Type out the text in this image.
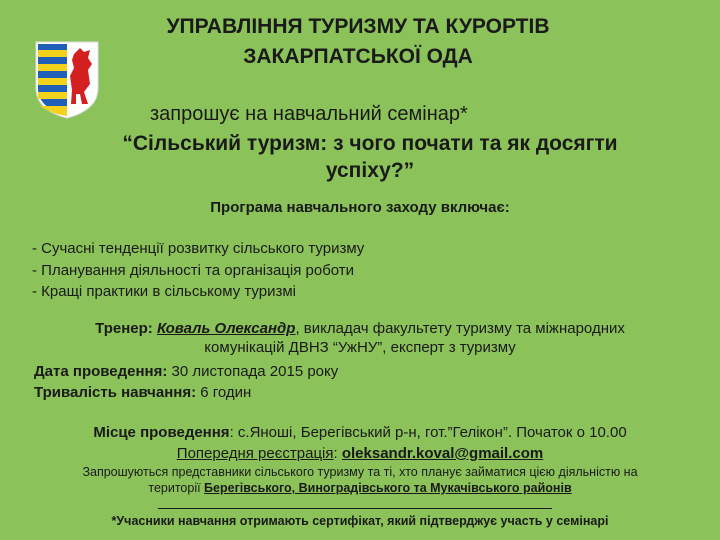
УПРАВЛІННЯ ТУРИЗМУ ТА КУРОРТІВ
ЗАКАРПАТСЬКОЇ ОДА
запрошує на навчальний семінар*
“Сільський туризм: з чого почати та як досягти
успіху?”
Програма навчального заходу включає:
- Сучасні тенденції розвитку сільського туризму
- Планування діяльності та організація роботи
- Кращі практики в сільському туризмі
Тренер: Коваль Олександр, викладач факультету туризму та міжнародних
комунікацій ДВНЗ “УжНУ”, експерт з туризму
Дата проведення: 30 листопада 2015 року
Тривалість навчання: 6 годин
Місце проведення: с.Яноші, Берегівський р-н, гот.”Гелікон”. Початок о 10.00
Попередня реєстрація: oleksandr.koval@gmail.com
Запрошуються представники сільського туризму та ті, хто планує займатися цією діяльністю на
території Берегівського, Виноградівського та Мукачівського районів
*Учасники навчання отримають сертифікат, який підтверджує участь у семінарі
